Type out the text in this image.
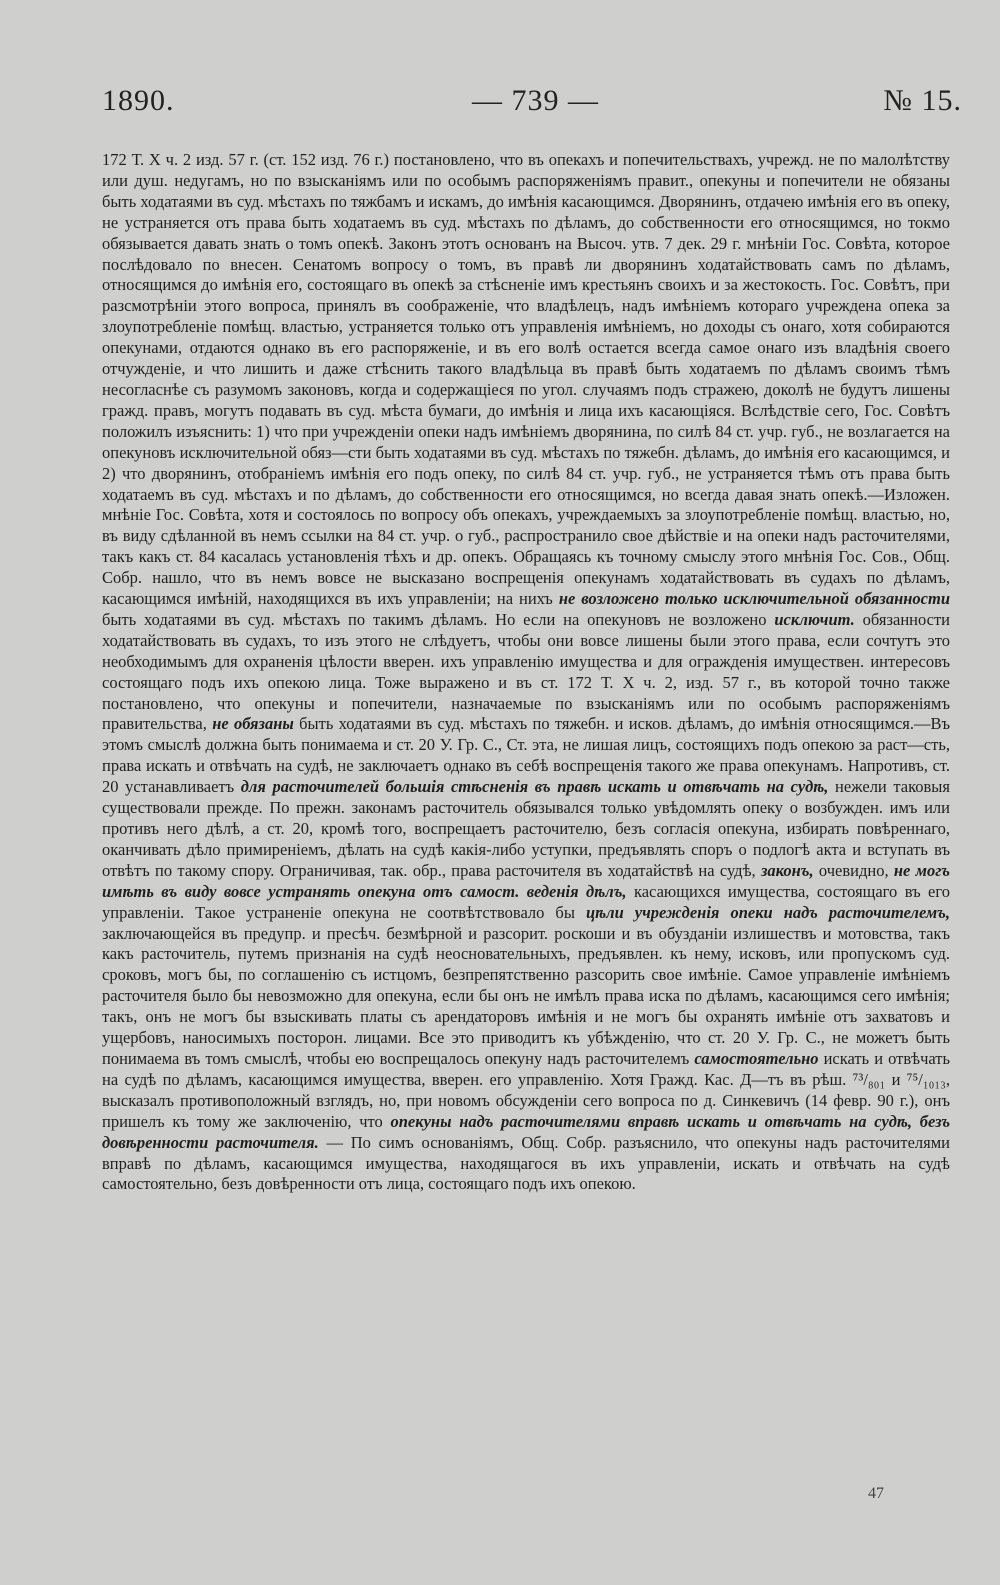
1890.	— 739 —	№ 15.

172 Т. X ч. 2 изд. 57 г. (ст. 152 изд. 76 г.) постановлено, что въ опекахъ и попечительствахъ, учрежд. не по малолѣтству или душ. недугамъ, но по взысканіямъ или по особымъ распоряженіямъ правит., опекуны и попечители не обязаны быть ходатаями въ суд. мѣстахъ по тяжбамъ и искамъ, до имѣнія касающимся. Дворянинъ, отдачею имѣнія его въ опеку, не устраняется отъ права быть ходатаемъ въ суд. мѣстахъ по дѣламъ, до собственности его относящимся, но токмо обязывается давать знать о томъ опекѣ. Законъ этотъ основанъ на Высоч. утв. 7 дек. 29 г. мнѣніи Гос. Совѣта, которое послѣдовало по внесен. Сенатомъ вопросу о томъ, въ правѣ ли дворянинъ ходатайствовать самъ по дѣламъ, относящимся до имѣнія его, состоящаго въ опекѣ за стѣсненіе имъ крестьянъ своихъ и за жестокость. Гос. Совѣтъ, при разсмотрѣніи этого вопроса, принялъ въ соображеніе, что владѣлецъ, надъ имѣніемъ котораго учреждена опека за злоупотребленіе помѣщ. властью, устраняется только отъ управленія имѣніемъ, но доходы съ онаго, хотя собираются опекунами, отдаются однако въ его распоряженіе, и въ его волѣ остается всегда самое онаго изъ владѣнія своего отчужденіе, и что лишить и даже стѣснить такого владѣльца въ правѣ быть ходатаемъ по дѣламъ своимъ тѣмъ несогласнѣе съ разумомъ законовъ, когда и содержащіеся по угол. случаямъ подъ стражею, доколѣ не будутъ лишены гражд. правъ, могутъ подавать въ суд. мѣста бумаги, до имѣнія и лица ихъ касающіяся. Вслѣдствіе сего, Гос. Совѣтъ положилъ изъяснить: 1) что при учрежденіи опеки надъ имѣніемъ дворянина, по силѣ 84 ст. учр. губ., не возлагается на опекуновъ исключительной обяз—сти быть ходатаями въ суд. мѣстахъ по тяжебн. дѣламъ, до имѣнія его касающимся, и 2) что дворянинъ, отобраніемъ имѣнія его подъ опеку, по силѣ 84 ст. учр. губ., не устраняется тѣмъ отъ права быть ходатаемъ въ суд. мѣстахъ и по дѣламъ, до собственности его относящимся, но всегда давая знать опекѣ.—Изложен. мнѣніе Гос. Совѣта, хотя и состоялось по вопросу объ опекахъ, учреждаемыхъ за злоупотребленіе помѣщ. властью, но, въ виду сдѣланной въ немъ ссылки на 84 ст. учр. о губ., распространило свое дѣйствіе и на опеки надъ расточителями, такъ какъ ст. 84 касалась установленія тѣхъ и др. опекъ. Обращаясь къ точному смыслу этого мнѣнія Гос. Сов., Общ. Собр. нашло, что въ немъ вовсе не высказано воспрещенія опекунамъ ходатайствовать въ судахъ по дѣламъ, касающимся имѣній, находящихся въ ихъ управленіи; на нихъ не возложено только исключительной обязанности быть ходатаями въ суд. мѣстахъ по такимъ дѣламъ. Но если на опекуновъ не возложено исключит. обязанности ходатайствовать въ судахъ, то изъ этого не слѣдуетъ, чтобы они вовсе лишены были этого права, если сочтутъ это необходимымъ для охраненія цѣлости вверен. ихъ управленію имущества и для огражденія имуществен. интересовъ состоящаго подъ ихъ опекою лица. Тоже выражено и въ ст. 172 Т. X ч. 2, изд. 57 г., въ которой точно также постановлено, что опекуны и попечители, назначаемые по взысканіямъ или по особымъ распоряженіямъ правительства, не обязаны быть ходатаями въ суд. мѣстахъ по тяжебн. и исков. дѣламъ, до имѣнія относящимся.—Въ этомъ смыслѣ должна быть понимаема и ст. 20 У. Гр. С., Ст. эта, не лишая лицъ, состоящихъ подъ опекою за раст—сть, права искать и отвѣчать на судѣ, не заключаетъ однако въ себѣ воспрещенія такого же права опекунамъ. Напротивъ, ст. 20 устанавливаетъ для расточителей большія стѣсненія въ правѣ искать и отвѣчать на судѣ, нежели таковыя существовали прежде. По прежн. законамъ расточитель обязывался только увѣдомлять опеку о возбужден. имъ или противъ него дѣлѣ, а ст. 20, кромѣ того, воспрещаетъ расточителю, безъ согласія опекуна, избирать повѣреннаго, оканчивать дѣло примиреніемъ, дѣлать на судѣ какія-либо уступки, предъявлять споръ о подлогѣ акта и вступать въ отвѣтъ по такому спору. Ограничивая, так. обр., права расточителя въ ходатайствѣ на судѣ, законъ, очевидно, не могъ имѣть въ виду вовсе устранять опекуна отъ самост. веденія дѣлъ, касающихся имущества, состоящаго въ его управленіи. Такое устраненіе опекуна не соотвѣтствовало бы цѣли учрежденія опеки надъ расточителемъ, заключающейся въ предупр. и пресѣч. безмѣрной и разсорит. роскоши и въ обузданіи излишествъ и мотовства, такъ какъ расточитель, путемъ признанія на судѣ неосновательныхъ, предъявлен. къ нему, исковъ, или пропускомъ суд. сроковъ, могъ бы, по соглашенію съ истцомъ, безпрепятственно разсорить свое имѣніе. Самое управленіе имѣніемъ расточителя было бы невозможно для опекуна, если бы онъ не имѣлъ права иска по дѣламъ, касающимся сего имѣнія; такъ, онъ не могъ бы взыскивать платы съ арендаторовъ имѣнія и не могъ бы охранять имѣніе отъ захватовъ и ущербовъ, наносимыхъ посторон. лицами. Все это приводитъ къ убѣжденію, что ст. 20 У. Гр. С., не можетъ быть понимаема въ томъ смыслѣ, чтобы ею воспрещалось опекуну надъ расточителемъ самостоятельно искать и отвѣчать на судѣ по дѣламъ, касающимся имущества, вверен. его управленію. Хотя Гражд. Кас. Д—тъ въ рѣш. ⁷³/₈₀₁ и ⁷⁵/₁₀₁₃, высказалъ противоположный взглядъ, но, при новомъ обсужденіи сего вопроса по д. Синкевичъ (14 февр. 90 г.), онъ пришелъ къ тому же заключенію, что опекуны надъ расточителями вправѣ искать и отвѣчать на судѣ, безъ довѣренности расточителя. — По симъ основаніямъ, Общ. Собр. разъяснило, что опекуны надъ расточителями вправѣ по дѣламъ, касающимся имущества, находящагося въ ихъ управленіи, искать и отвѣчать на судѣ самостоятельно, безъ довѣренности отъ лица, состоящаго подъ ихъ опекою.

47
